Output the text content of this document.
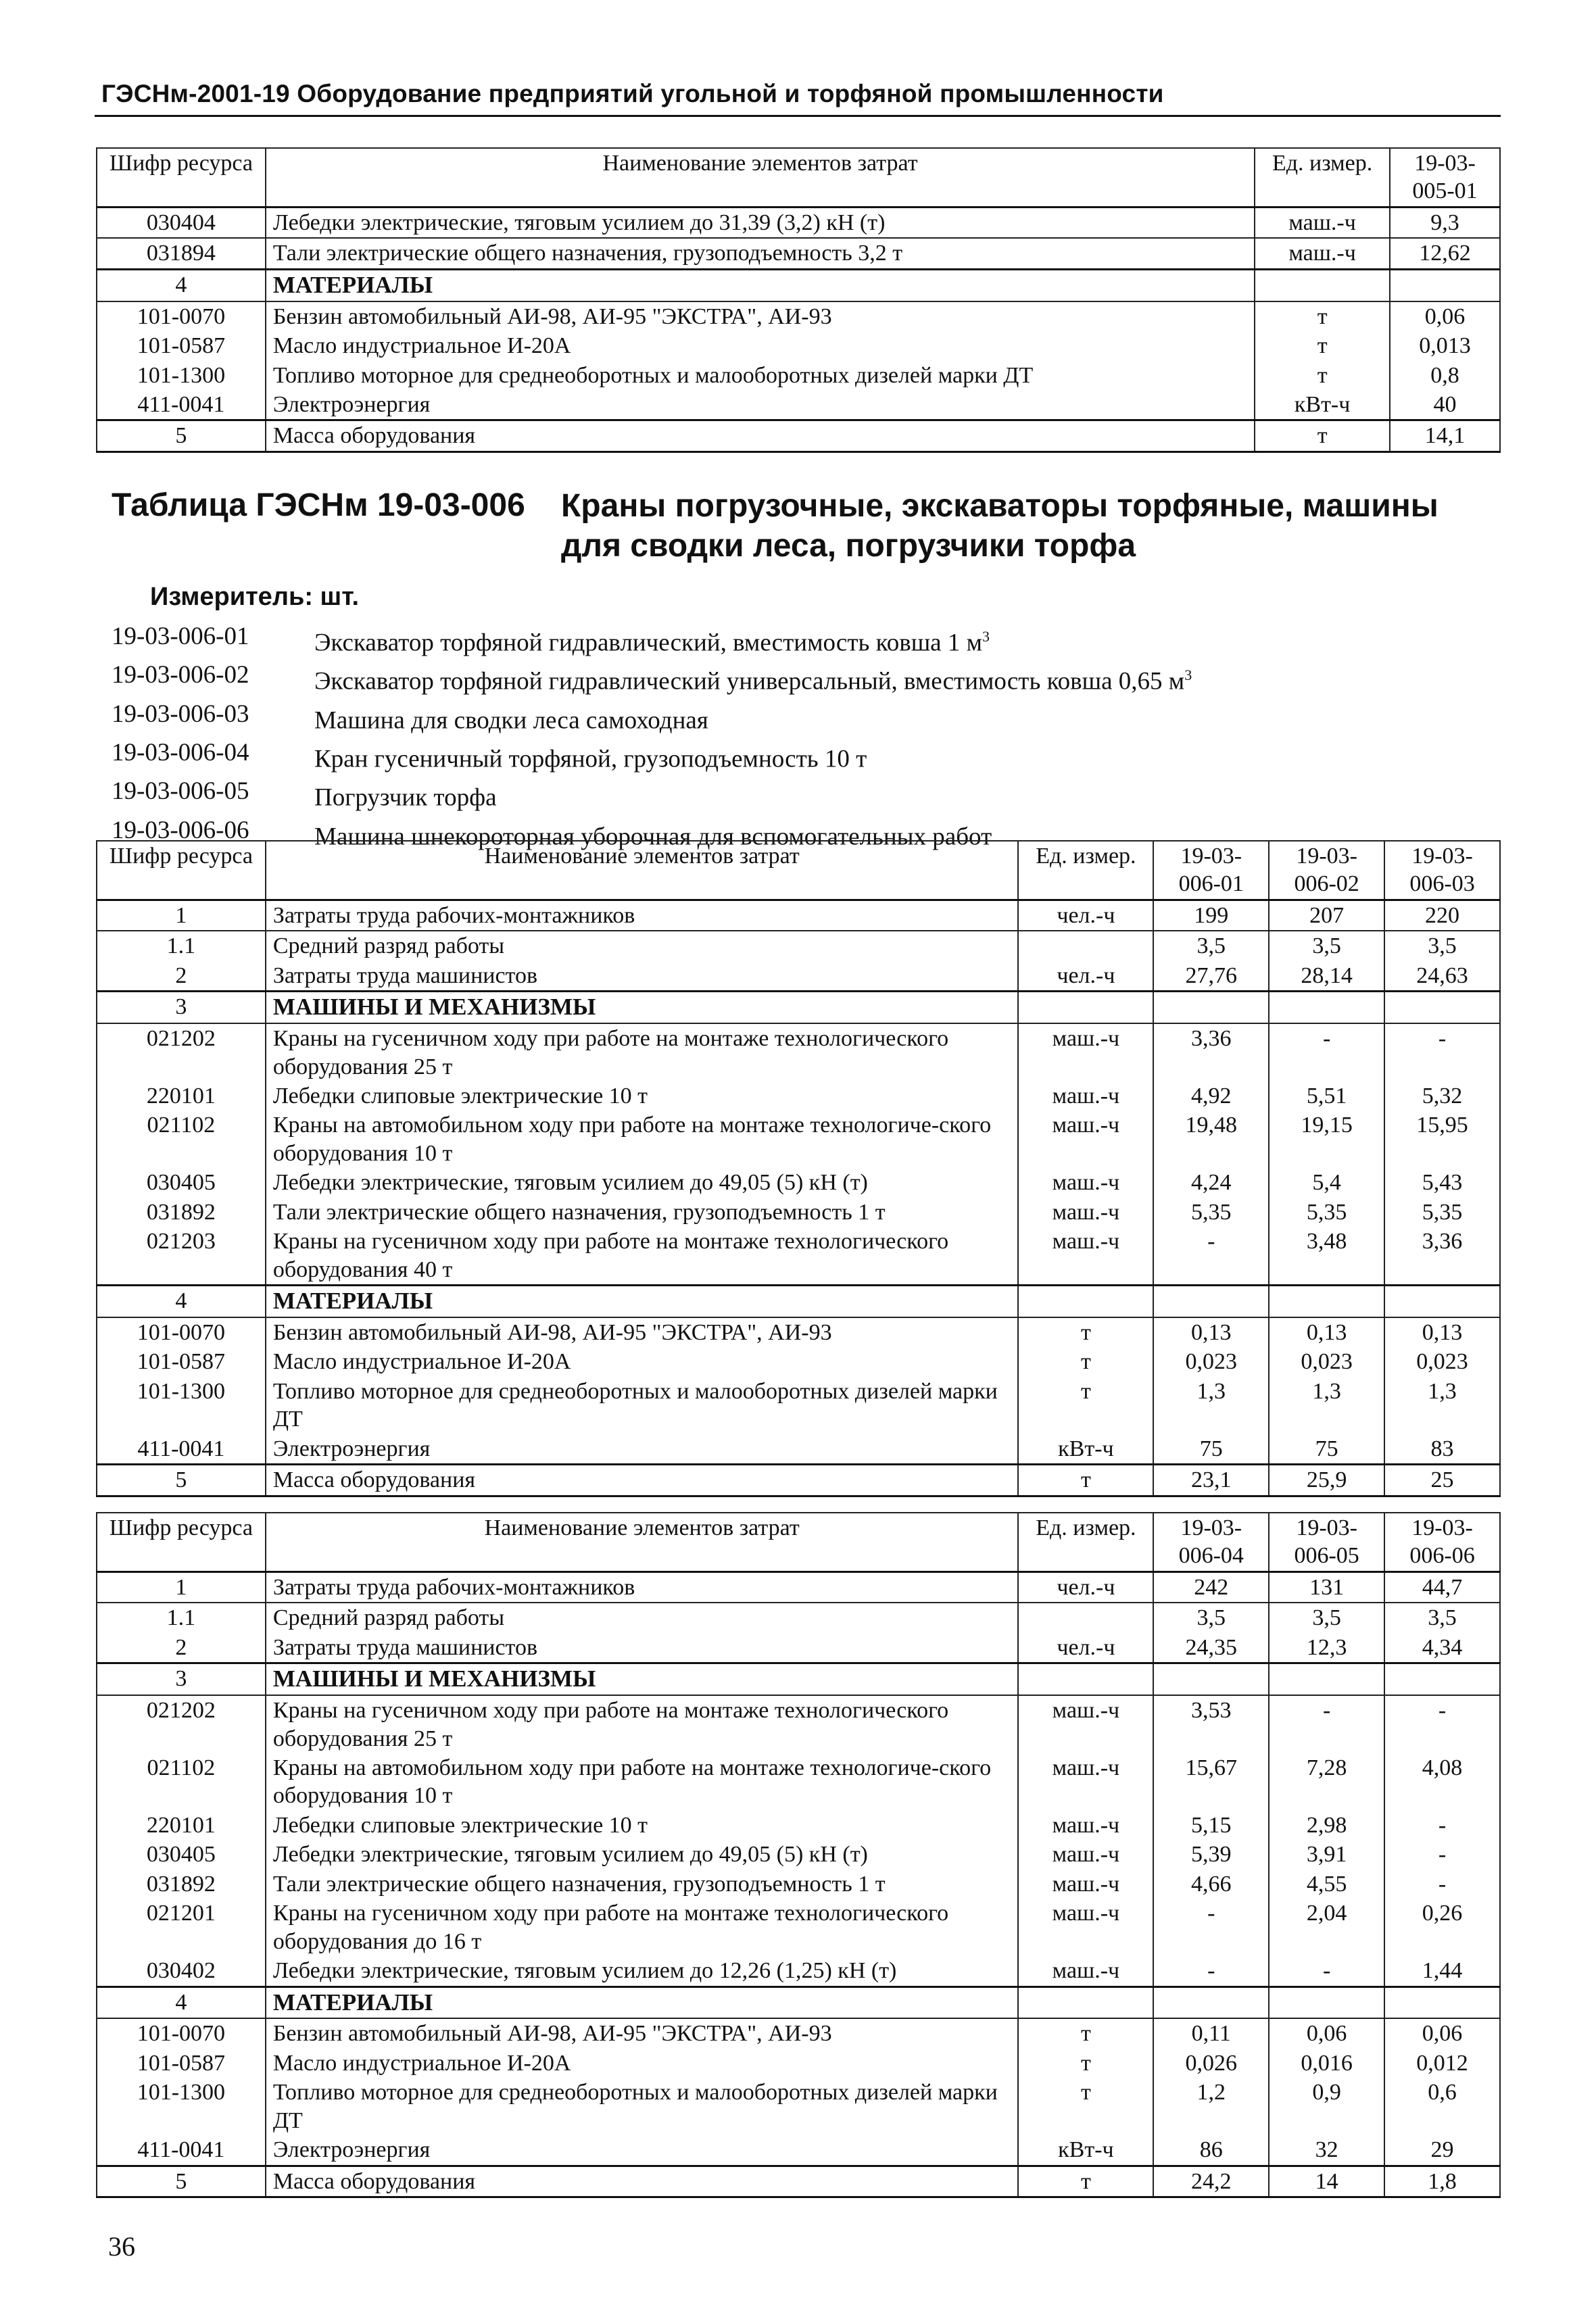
ГЭСНм-2001-19 Оборудование предприятий угольной и торфяной промышленности
Шифр ресурса	Наименование элементов затрат	Ед. измер.	19-03-005-01
030404	Лебедки электрические, тяговым усилием до 31,39 (3,2) кН (т)	маш.-ч	9,3
031894	Тали электрические общего назначения, грузоподъемность 3,2 т	маш.-ч	12,62
4	МАТЕРИАЛЫ		
101-0070	Бензин автомобильный АИ-98, АИ-95 "ЭКСТРА", АИ-93	т	0,06
101-0587	Масло индустриальное И-20А	т	0,013
101-1300	Топливо моторное для среднеоборотных и малооборотных дизелей марки ДТ	т	0,8
411-0041	Электроэнергия	кВт-ч	40
5	Масса оборудования	т	14,1
Таблица ГЭСНм 19-03-006 Краны погрузочные, экскаваторы торфяные, машины для сводки леса, погрузчики торфа
Измеритель: шт.
19-03-006-01	Экскаватор торфяной гидравлический, вместимость ковша 1 $м^3$
19-03-006-02	Экскаватор торфяной гидравлический универсальный, вместимость ковша 0,65 $м^3$
19-03-006-03	Машина для сводки леса самоходная
19-03-006-04	Кран гусеничный торфяной, грузоподъемность 10 т
19-03-006-05	Погрузчик торфа
19-03-006-06	Машина шнекороторная уборочная для вспомогательных работ
Шифр ресурса	Наименование элементов затрат	Ед. измер.	19-03-006-01	19-03-006-02	19-03-006-03
1	Затраты труда рабочих-монтажников	чел.-ч	199	207	220
1.1	Средний разряд работы		3,5	3,5	3,5
2	Затраты труда машинистов	чел.-ч	27,76	28,14	24,63
3	МАШИНЫ И МЕХАНИЗМЫ				
021202	Краны на гусеничном ходу при работе на монтаже технологического оборудования 25 т	маш.-ч	3,36	-	-
220101	Лебедки слиповые электрические 10 т	маш.-ч	4,92	5,51	5,32
021102	Краны на автомобильном ходу при работе на монтаже технологиче-ского оборудования 10 т	маш.-ч	19,48	19,15	15,95
030405	Лебедки электрические, тяговым усилием до 49,05 (5) кН (т)	маш.-ч	4,24	5,4	5,43
031892	Тали электрические общего назначения, грузоподъемность 1 т	маш.-ч	5,35	5,35	5,35
021203	Краны на гусеничном ходу при работе на монтаже технологического оборудования 40 т	маш.-ч	-	3,48	3,36
4	МАТЕРИАЛЫ				
101-0070	Бензин автомобильный АИ-98, АИ-95 "ЭКСТРА", АИ-93	т	0,13	0,13	0,13
101-0587	Масло индустриальное И-20А	т	0,023	0,023	0,023
101-1300	Топливо моторное для среднеоборотных и малооборотных дизелей марки ДТ	т	1,3	1,3	1,3
411-0041	Электроэнергия	кВт-ч	75	75	83
5	Масса оборудования	т	23,1	25,9	25
Шифр ресурса	Наименование элементов затрат	Ед. измер.	19-03-006-04	19-03-006-05	19-03-006-06
1	Затраты труда рабочих-монтажников	чел.-ч	242	131	44,7
1.1	Средний разряд работы		3,5	3,5	3,5
2	Затраты труда машинистов	чел.-ч	24,35	12,3	4,34
3	МАШИНЫ И МЕХАНИЗМЫ				
021202	Краны на гусеничном ходу при работе на монтаже технологического оборудования 25 т	маш.-ч	3,53	-	-
021102	Краны на автомобильном ходу при работе на монтаже технологиче-ского оборудования 10 т	маш.-ч	15,67	7,28	4,08
220101	Лебедки слиповые электрические 10 т	маш.-ч	5,15	2,98	-
030405	Лебедки электрические, тяговым усилием до 49,05 (5) кН (т)	маш.-ч	5,39	3,91	-
031892	Тали электрические общего назначения, грузоподъемность 1 т	маш.-ч	4,66	4,55	-
021201	Краны на гусеничном ходу при работе на монтаже технологического оборудования до 16 т	маш.-ч	-	2,04	0,26
030402	Лебедки электрические, тяговым усилием до 12,26 (1,25) кН (т)	маш.-ч	-	-	1,44
4	МАТЕРИАЛЫ				
101-0070	Бензин автомобильный АИ-98, АИ-95 "ЭКСТРА", АИ-93	т	0,11	0,06	0,06
101-0587	Масло индустриальное И-20А	т	0,026	0,016	0,012
101-1300	Топливо моторное для среднеоборотных и малооборотных дизелей марки ДТ	т	1,2	0,9	0,6
411-0041	Электроэнергия	кВт-ч	86	32	29
5	Масса оборудования	т	24,2	14	1,8
36
